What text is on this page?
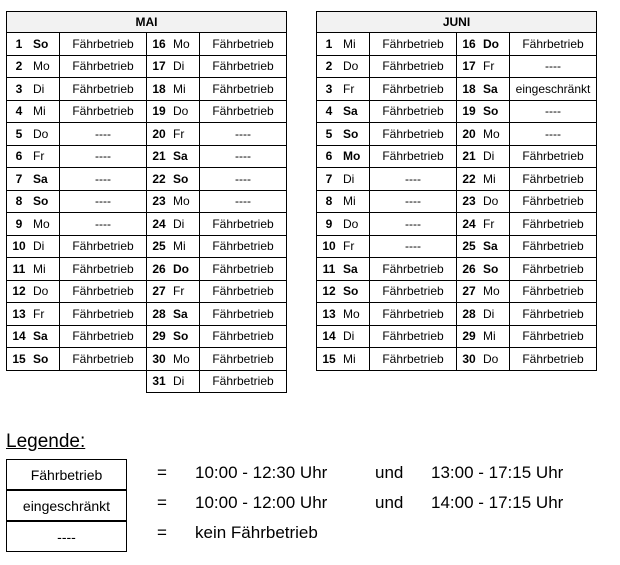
MAI					
1	So	Fährbetrieb	16	Mo	Fährbetrieb
2	Mo	Fährbetrieb	17	Di	Fährbetrieb
3	Di	Fährbetrieb	18	Mi	Fährbetrieb
4	Mi	Fährbetrieb	19	Do	Fährbetrieb
5	Do	----	20	Fr	----
6	Fr	----	21	Sa	----
7	Sa	----	22	So	----
8	So	----	23	Mo	----
9	Mo	----	24	Di	Fährbetrieb
10	Di	Fährbetrieb	25	Mi	Fährbetrieb
11	Mi	Fährbetrieb	26	Do	Fährbetrieb
12	Do	Fährbetrieb	27	Fr	Fährbetrieb
13	Fr	Fährbetrieb	28	Sa	Fährbetrieb
14	Sa	Fährbetrieb	29	So	Fährbetrieb
15	So	Fährbetrieb	30	Mo	Fährbetrieb
			31	Di	Fährbetrieb
JUNI					
1	Mi	Fährbetrieb	16	Do	Fährbetrieb
2	Do	Fährbetrieb	17	Fr	----
3	Fr	Fährbetrieb	18	Sa	eingeschränkt
4	Sa	Fährbetrieb	19	So	----
5	So	Fährbetrieb	20	Mo	----
6	Mo	Fährbetrieb	21	Di	Fährbetrieb
7	Di	----	22	Mi	Fährbetrieb
8	Mi	----	23	Do	Fährbetrieb
9	Do	----	24	Fr	Fährbetrieb
10	Fr	----	25	Sa	Fährbetrieb
11	Sa	Fährbetrieb	26	So	Fährbetrieb
12	So	Fährbetrieb	27	Mo	Fährbetrieb
13	Mo	Fährbetrieb	28	Di	Fährbetrieb
14	Di	Fährbetrieb	29	Mi	Fährbetrieb
15	Mi	Fährbetrieb	30	Do	Fährbetrieb
Legende:
Fährbetrieb
eingeschränkt
----
=	10:00 - 12:30 Uhr	und	13:00 - 17:15 Uhr
=	10:00 - 12:00 Uhr	und	14:00 - 17:15 Uhr
=	kein Fährbetrieb
